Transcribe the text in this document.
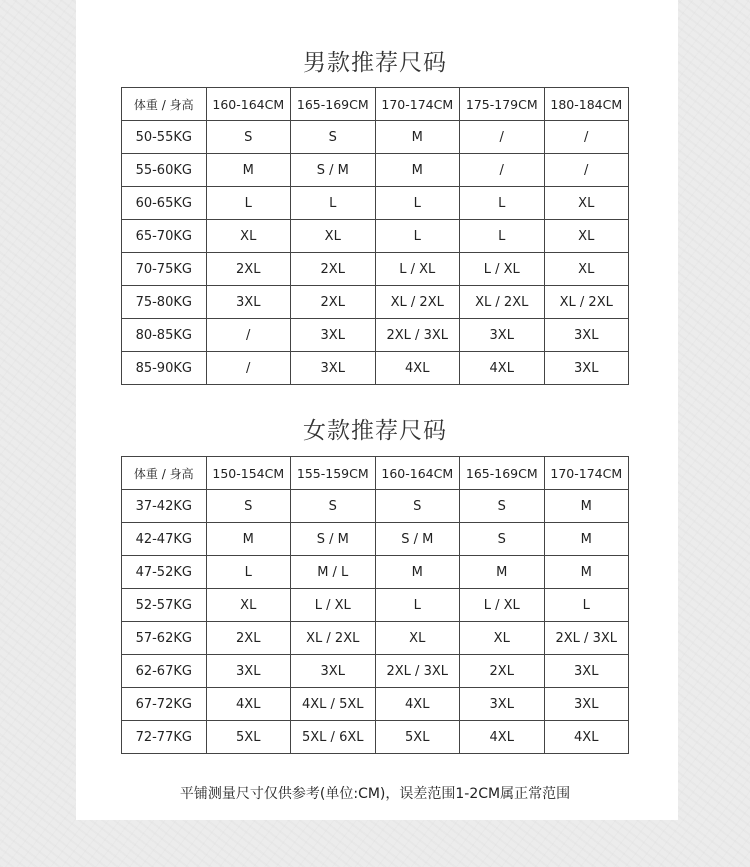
男款推荐尺码
体重 / 身高	160-164CM	165-169CM	170-174CM	175-179CM	180-184CM
50-55KG	S	S	M	/	/
55-60KG	M	S / M	M	/	/
60-65KG	L	L	L	L	XL
65-70KG	XL	XL	L	L	XL
70-75KG	2XL	2XL	L / XL	L / XL	XL
75-80KG	3XL	2XL	XL / 2XL	XL / 2XL	XL / 2XL
80-85KG	/	3XL	2XL / 3XL	3XL	3XL
85-90KG	/	3XL	4XL	4XL	3XL
女款推荐尺码
体重 / 身高	150-154CM	155-159CM	160-164CM	165-169CM	170-174CM
37-42KG	S	S	S	S	M
42-47KG	M	S / M	S / M	S	M
47-52KG	L	M / L	M	M	M
52-57KG	XL	L / XL	L	L / XL	L
57-62KG	2XL	XL / 2XL	XL	XL	2XL / 3XL
62-67KG	3XL	3XL	2XL / 3XL	2XL	3XL
67-72KG	4XL	4XL / 5XL	4XL	3XL	3XL
72-77KG	5XL	5XL / 6XL	5XL	4XL	4XL
平铺测量尺寸仅供参考(单位:CM)，误差范围1-2CM属正常范围
